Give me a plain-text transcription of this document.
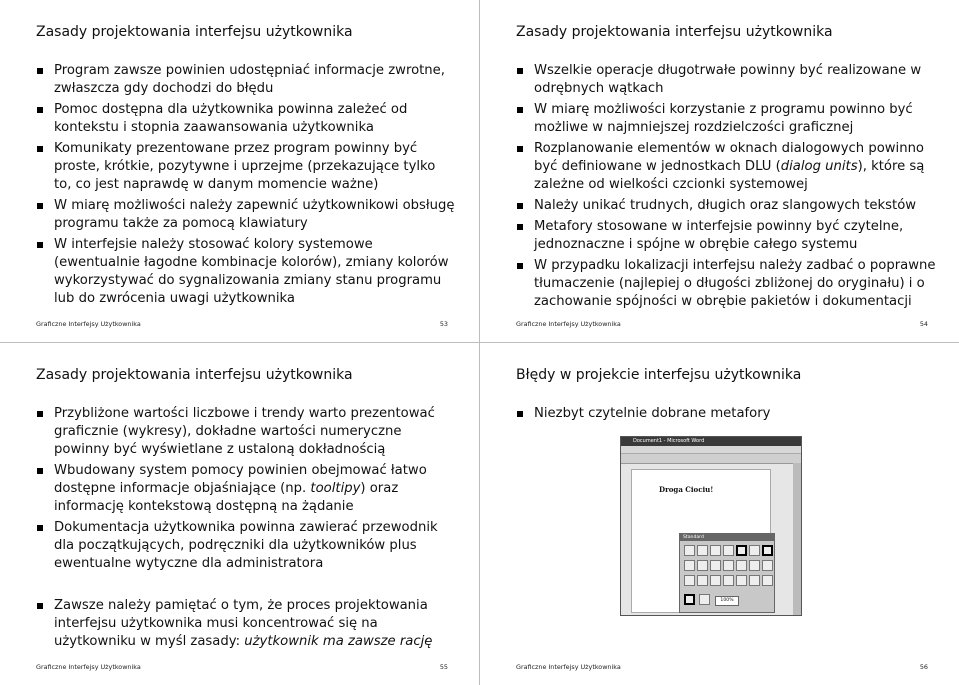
Zasady projektowania interfejsu użytkownika
Program zawsze powinien udostępniać informacje zwrotne, zwłaszcza gdy dochodzi do błędu
Pomoc dostępna dla użytkownika powinna zależeć od kontekstu i stopnia zaawansowania użytkownika
Komunikaty prezentowane przez program powinny być proste, krótkie, pozytywne i uprzejme (przekazujące tylko to, co jest naprawdę w danym momencie ważne)
W miarę możliwości należy zapewnić użytkownikowi obsługę programu także za pomocą klawiatury
W interfejsie należy stosować kolory systemowe (ewentualnie łagodne kombinacje kolorów), zmiany kolorów wykorzystywać do sygnalizowania zmiany stanu programu lub do zwrócenia uwagi użytkownika
Graficzne Interfejsy Użytkownika	53
Zasady projektowania interfejsu użytkownika
Wszelkie operacje długotrwałe powinny być realizowane w odrębnych wątkach
W miarę możliwości korzystanie z programu powinno być możliwe w najmniejszej rozdzielczości graficznej
Rozplanowanie elementów w oknach dialogowych powinno być definiowane w jednostkach DLU (dialog units), które są zależne od wielkości czcionki systemowej
Należy unikać trudnych, długich oraz slangowych tekstów
Metafory stosowane w interfejsie powinny być czytelne, jednoznaczne i spójne w obrębie całego systemu
W przypadku lokalizacji interfejsu należy zadbać o poprawne tłumaczenie (najlepiej o długości zbliżonej do oryginału) i o zachowanie spójności w obrębie pakietów i dokumentacji
Graficzne Interfejsy Użytkownika	54
Zasady projektowania interfejsu użytkownika
Przybliżone wartości liczbowe i trendy warto prezentować graficznie (wykresy), dokładne wartości numeryczne powinny być wyświetlane z ustaloną dokładnością
Wbudowany system pomocy powinien obejmować łatwo dostępne informacje objaśniające (np. tooltipy) oraz informację kontekstową dostępną na żądanie
Dokumentacja użytkownika powinna zawierać przewodnik dla początkujących, podręczniki dla użytkowników plus ewentualne wytyczne dla administratora
Zawsze należy pamiętać o tym, że proces projektowania interfejsu użytkownika musi koncentrować się na użytkowniku w myśl zasady: użytkownik ma zawsze rację
Graficzne Interfejsy Użytkownika	55
Błędy w projekcie interfejsu użytkownika
Niezbyt czytelnie dobrane metafory
Document1 - Microsoft Word
Droga Ciociu!
Standard
100%
Graficzne Interfejsy Użytkownika	56
